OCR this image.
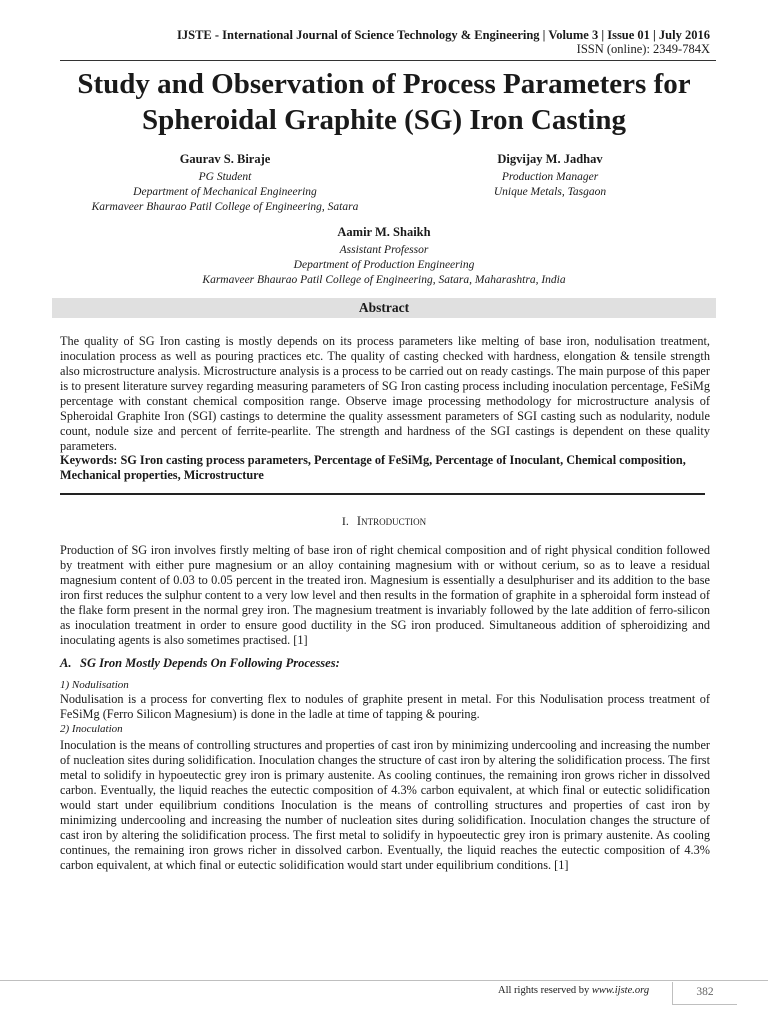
IJSTE - International Journal of Science Technology & Engineering | Volume 3 | Issue 01 | July 2016
ISSN (online): 2349-784X
Study and Observation of Process Parameters for
Spheroidal Graphite (SG) Iron Casting
Gaurav S. Biraje
PG Student
Department of Mechanical Engineering
Karmaveer Bhaurao Patil College of Engineering, Satara
Digvijay M. Jadhav
Production Manager
Unique Metals, Tasgaon
Aamir M. Shaikh
Assistant Professor
Department of Production Engineering
Karmaveer Bhaurao Patil College of Engineering, Satara, Maharashtra, India
Abstract

The quality of SG Iron casting is mostly depends on its process parameters like melting of base iron, nodulisation treatment, inoculation process as well as pouring practices etc. The quality of casting checked with hardness, elongation & tensile strength also microstructure analysis. Microstructure analysis is a process to be carried out on ready castings. The main purpose of this paper is to present literature survey regarding measuring parameters of SG Iron casting process including inoculation percentage, FeSiMg percentage with constant chemical composition range. Observe image processing methodology for microstructure analysis of Spheroidal Graphite Iron (SGI) castings to determine the quality assessment parameters of SGI casting such as nodularity, nodule count, nodule size and percent of ferrite-pearlite. The strength and hardness of the SGI castings is dependent on these quality parameters.

Keywords: SG Iron casting process parameters, Percentage of FeSiMg, Percentage of Inoculant, Chemical composition, Mechanical properties, Microstructure

I. Introduction

Production of SG iron involves firstly melting of base iron of right chemical composition and of right physical condition followed by treatment with either pure magnesium or an alloy containing magnesium with or without cerium, so as to leave a residual magnesium content of 0.03 to 0.05 percent in the treated iron. Magnesium is essentially a desulphuriser and its addition to the base iron first reduces the sulphur content to a very low level and then results in the formation of graphite in a spheroidal form instead of the flake form present in the normal grey iron. The magnesium treatment is invariably followed by the late addition of ferro-silicon as inoculation treatment in order to ensure good ductility in the SG iron produced. Simultaneous addition of spheroidizing and inoculating agents is also sometimes practised. [1]

A. SG Iron Mostly Depends On Following Processes:
1) Nodulisation

Nodulisation is a process for converting flex to nodules of graphite present in metal. For this Nodulisation process treatment of FeSiMg (Ferro Silicon Magnesium) is done in the ladle at time of tapping & pouring.

2) Inoculation

Inoculation is the means of controlling structures and properties of cast iron by minimizing undercooling and increasing the number of nucleation sites during solidification. Inoculation changes the structure of cast iron by altering the solidification process. The first metal to solidify in hypoeutectic grey iron is primary austenite. As cooling continues, the remaining iron grows richer in dissolved carbon. Eventually, the liquid reaches the eutectic composition of 4.3% carbon equivalent, at which final or eutectic solidification would start under equilibrium conditions Inoculation is the means of controlling structures and properties of cast iron by minimizing undercooling and increasing the number of nucleation sites during solidification. Inoculation changes the structure of cast iron by altering the solidification process. The first metal to solidify in hypoeutectic grey iron is primary austenite. As cooling continues, the remaining iron grows richer in dissolved carbon. Eventually, the liquid reaches the eutectic composition of 4.3% carbon equivalent, at which final or eutectic solidification would start under equilibrium conditions. [1]

All rights reserved by www.ijste.org	382
